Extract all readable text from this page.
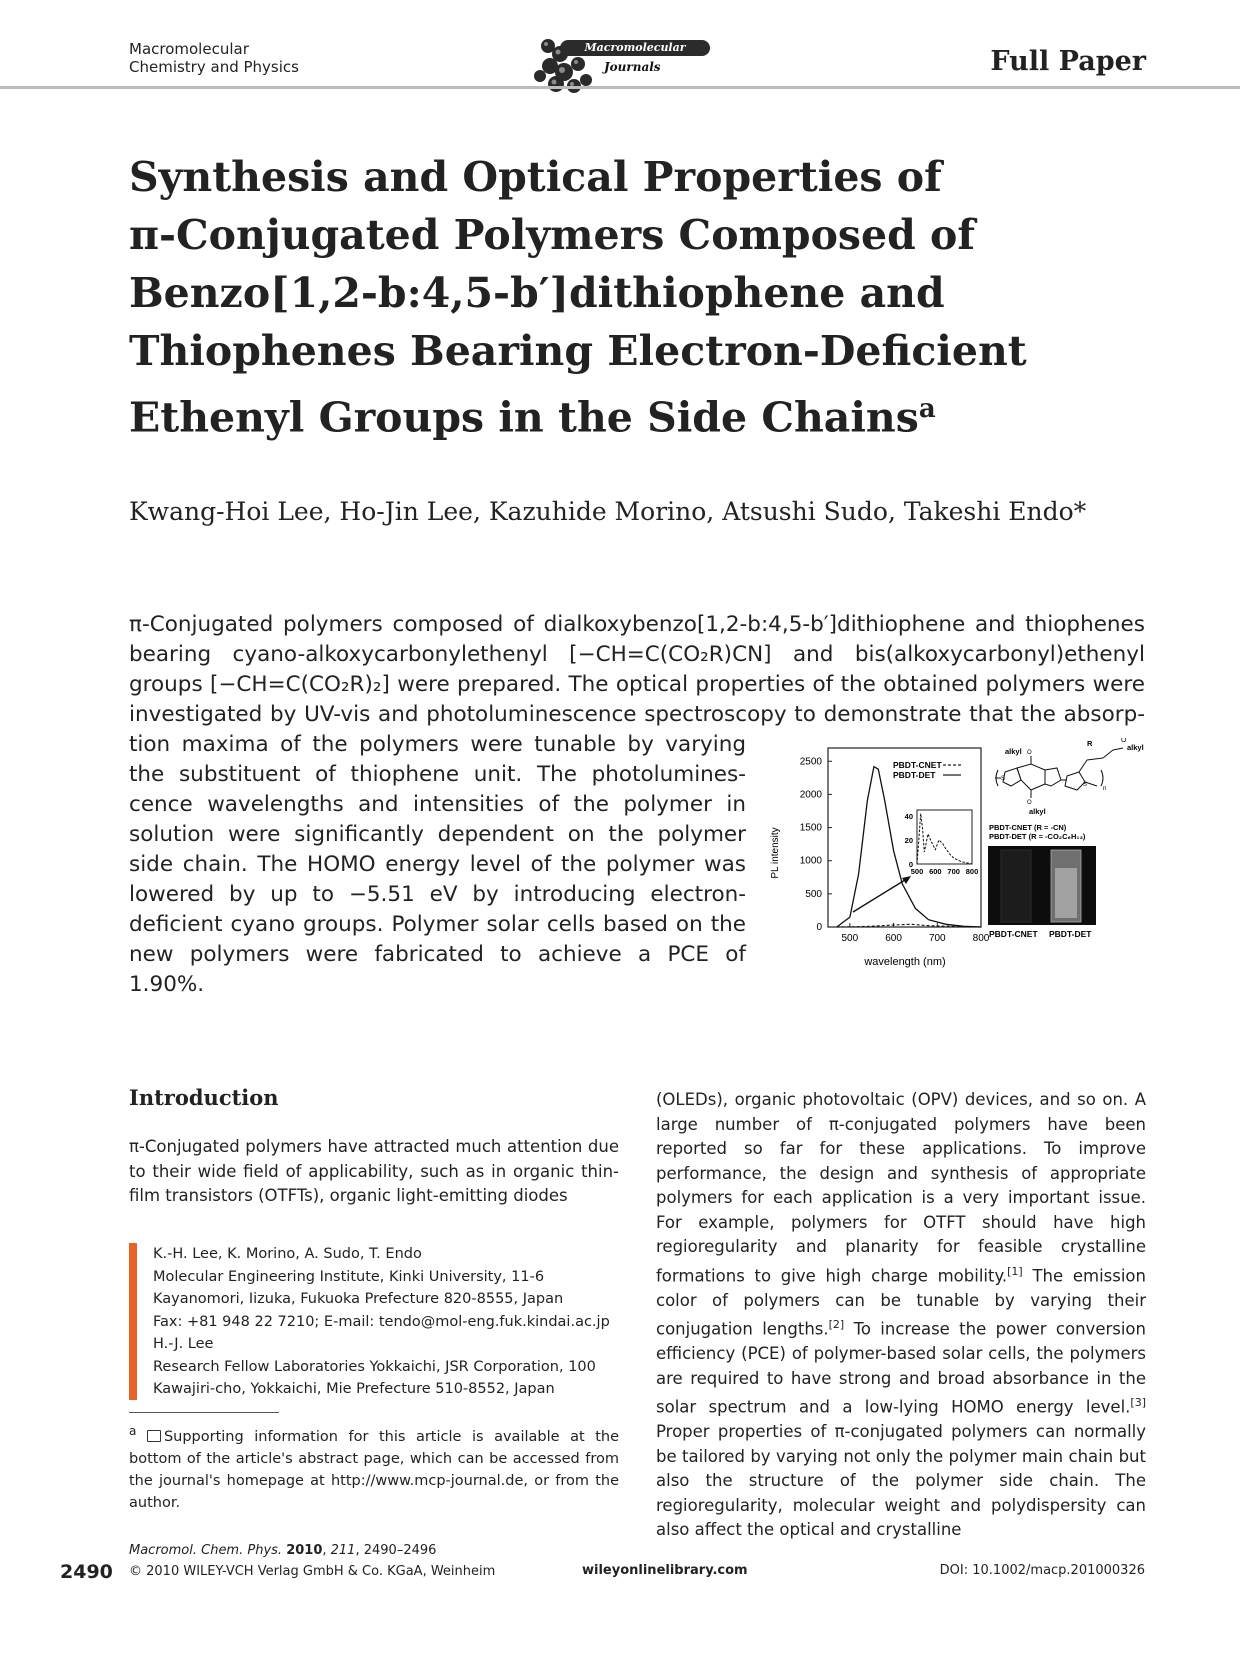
Macromolecular
Chemistry and Physics
Macromolecular
Journals	Full Paper
Synthesis and Optical Properties of
π-Conjugated Polymers Composed of
Benzo[1,2-b:4,5-b′]dithiophene and
Thiophenes Bearing Electron-Deficient
Ethenyl Groups in the Side Chains$^a$
Kwang-Hoi Lee, Ho-Jin Lee, Kazuhide Morino, Atsushi Sudo, Takeshi Endo*
π-Conjugated polymers composed of dialkoxybenzo[1,2-b:4,5-b′]dithiophene and thiophenes
bearing cyano-alkoxycarbonylethenyl [−CH=C(CO₂R)CN] and bis(alkoxycarbonyl)ethenyl
groups [−CH=C(CO₂R)₂] were prepared. The optical properties of the obtained polymers were
investigated by UV-vis and photoluminescence spectroscopy to demonstrate that the absorp-
tion maxima of the polymers were tunable by varying the substituent of thiophene unit. The photolumines-cence wavelengths and intensities of the polymer in solution were significantly dependent on the polymer side chain. The HOMO energy level of the polymer was lowered by up to −5.51 eV by introducing electron-deficient cyano groups. Polymer solar cells based on the new polymers were fabricated to achieve a PCE of 1.90%.
PBDT-CNET
PBDT-DET
PL intensity
wavelength (nm)
0
500
1000
1500
2000
2500
500	600	700	800
0
20
40
500 600 700 800
S
S
O
O
alkyl
alkyl
R	O
alkyl
n
PBDT-CNET (R = -CN)
PBDT-DET (R = -CO₂C₆H₁₃)
PBDT-CNET PBDT-DET
Introduction
π-Conjugated polymers have attracted much attention due to their wide field of applicability, such as in organic thin-film transistors (OTFTs), organic light-emitting diodes
K.-H. Lee, K. Morino, A. Sudo, T. Endo
Molecular Engineering Institute, Kinki University, 11-6
Kayanomori, Iizuka, Fukuoka Prefecture 820-8555, Japan
Fax: +81 948 22 7210; E-mail: tendo@mol-eng.fuk.kindai.ac.jp
H.-J. Lee
Research Fellow Laboratories Yokkaichi, JSR Corporation, 100
Kawajiri-cho, Yokkaichi, Mie Prefecture 510-8552, Japan
$^a$ Supporting information for this article is available at the bottom of the article's abstract page, which can be accessed from the journal's homepage at http://www.mcp-journal.de, or from the author.
(OLEDs), organic photovoltaic (OPV) devices, and so on. A large number of π-conjugated polymers have been reported so far for these applications. To improve performance, the design and synthesis of appropriate polymers for each application is a very important issue. For example, polymers for OTFT should have high regioregularity and planarity for feasible crystalline formations to give high charge mobility.[1] The emission color of polymers can be tunable by varying their conjugation lengths.[2] To increase the power conversion efficiency (PCE) of polymer-based solar cells, the polymers are required to have strong and broad absorbance in the solar spectrum and a low-lying HOMO energy level.[3] Proper properties of π-conjugated polymers can normally be tailored by varying not only the polymer main chain but also the structure of the polymer side chain. The regioregularity, molecular weight and polydispersity can also affect the optical and crystalline
2490
Macromol. Chem. Phys. 2010, 211, 2490–2496
© 2010 WILEY-VCH Verlag GmbH & Co. KGaA, Weinheim	wileyonlinelibrary.com	DOI: 10.1002/macp.201000326
